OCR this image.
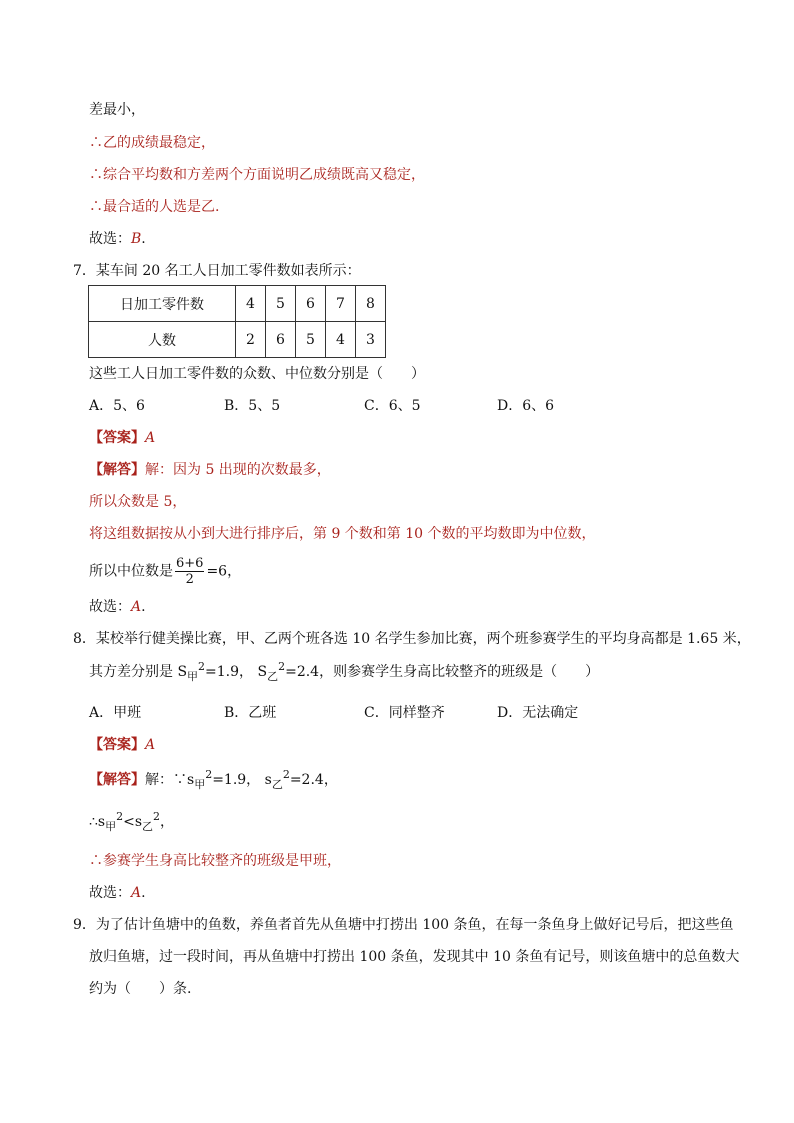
差最小，
∴乙的成绩最稳定，
∴综合平均数和方差两个方面说明乙成绩既高又稳定，
∴最合适的人选是乙.
故选：B.
7．某车间 20 名工人日加工零件数如表所示：
日加工零件数	4	5	6	7	8
人数	2	6	5	4	3
这些工人日加工零件数的众数、中位数分别是（　　）
A．5、6	B．5、5	C．6、5	D．6、6
【答案】A
【解答】解：因为 5 出现的次数最多，
所以众数是 5，
将这组数据按从小到大进行排序后，第 9 个数和第 10 个数的平均数即为中位数，
所以中位数是 $\frac{6+6}{2} =6$，
故选：A.
8．某校举行健美操比赛，甲、乙两个班各选 10 名学生参加比赛，两个班参赛学生的平均身高都是 1.65 米，
其方差分别是 $S_甲^2=1.9$， $S_乙^2=2.4$，则参赛学生身高比较整齐的班级是（　　）
A．甲班	B．乙班	C．同样整齐	D．无法确定
【答案】A
【解答】解：$\because s_甲^2=1.9$， $s_乙^2=2.4$，
$\therefore s_甲^2<s_乙^2$，
∴参赛学生身高比较整齐的班级是甲班，
故选：A.
9．为了估计鱼塘中的鱼数，养鱼者首先从鱼塘中打捞出 100 条鱼，在每一条鱼身上做好记号后，把这些鱼
放归鱼塘，过一段时间，再从鱼塘中打捞出 100 条鱼，发现其中 10 条鱼有记号，则该鱼塘中的总鱼数大
约为（　　）条.
